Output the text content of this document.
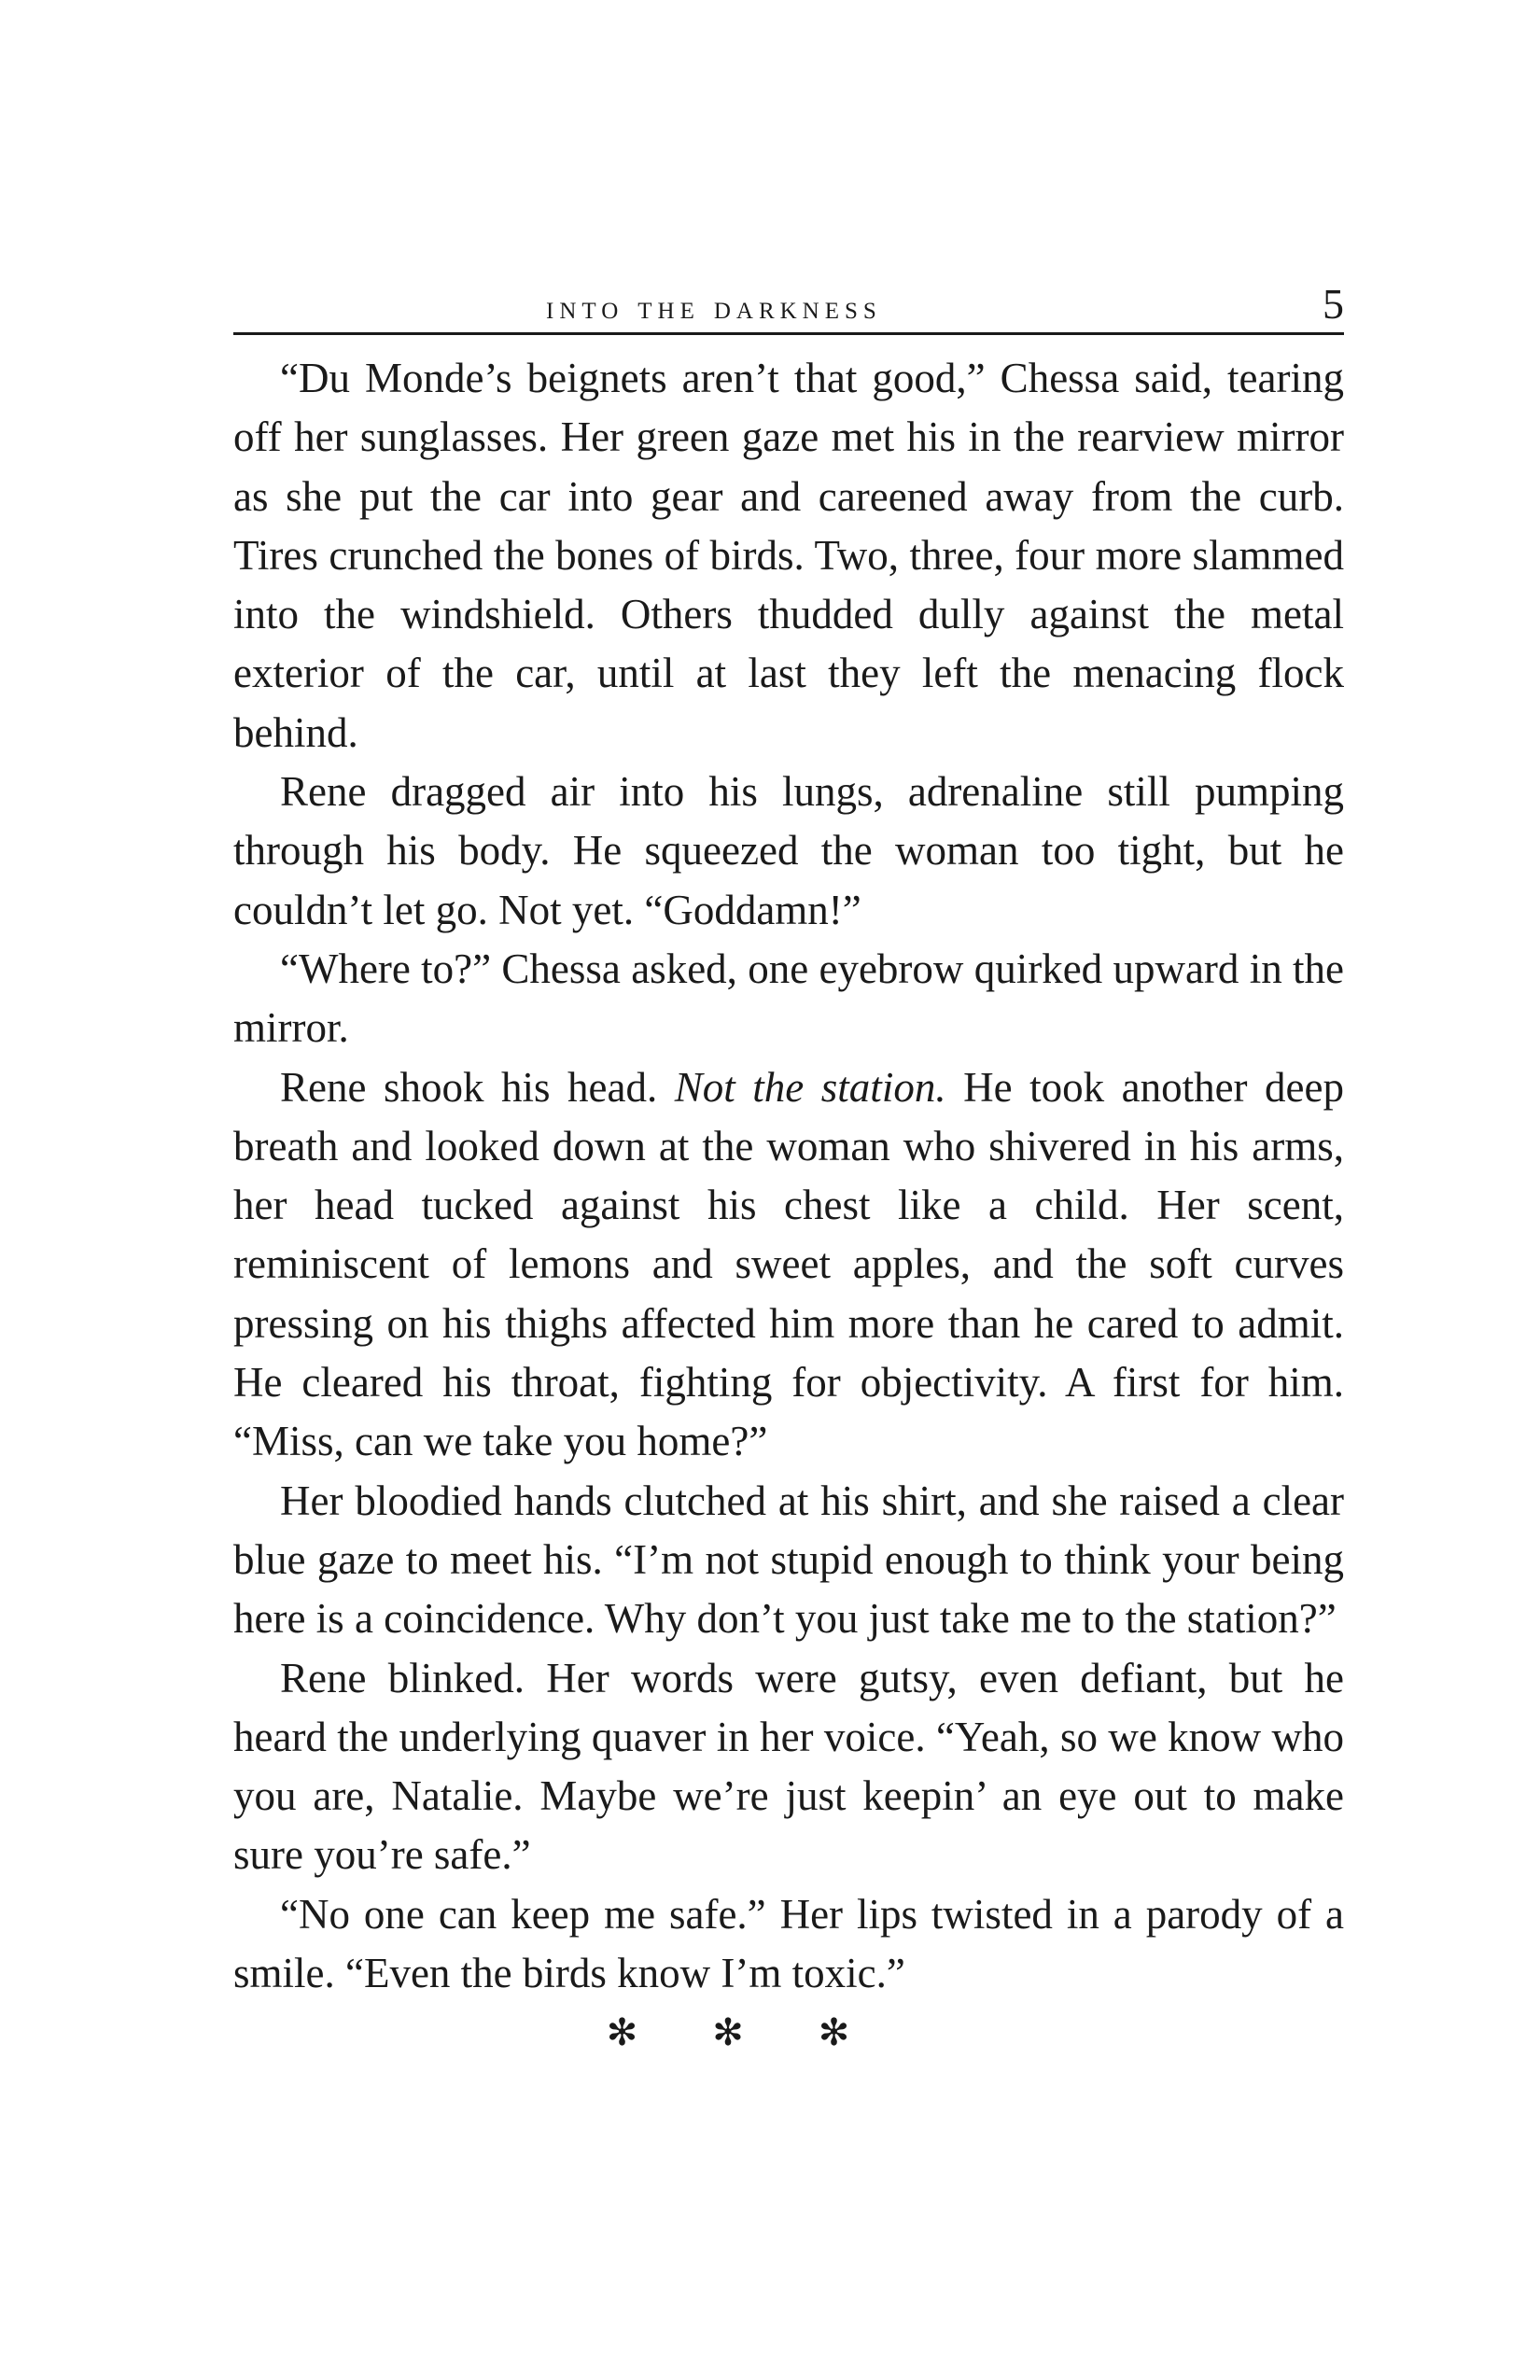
into the darkness	5

“Du Monde’s beignets aren’t that good,” Chessa said, tearing off her sunglasses. Her green gaze met his in the rearview mirror as she put the car into gear and careened away from the curb. Tires crunched the bones of birds. Two, three, four more slammed into the windshield. Others thudded dully against the metal exterior of the car, until at last they left the menacing flock behind.

Rene dragged air into his lungs, adrenaline still pumping through his body. He squeezed the woman too tight, but he couldn’t let go. Not yet. “Goddamn!”

“Where to?” Chessa asked, one eyebrow quirked upward in the mirror.

Rene shook his head. Not the station. He took another deep breath and looked down at the woman who shivered in his arms, her head tucked against his chest like a child. Her scent, reminiscent of lemons and sweet apples, and the soft curves pressing on his thighs affected him more than he cared to admit. He cleared his throat, fighting for objectivity. A first for him. “Miss, can we take you home?”

Her bloodied hands clutched at his shirt, and she raised a clear blue gaze to meet his. “I’m not stupid enough to think your being here is a coincidence. Why don’t you just take me to the station?”

Rene blinked. Her words were gutsy, even defiant, but he heard the underlying quaver in her voice. “Yeah, so we know who you are, Natalie. Maybe we’re just keepin’ an eye out to make sure you’re safe.”

“No one can keep me safe.” Her lips twisted in a parody of a smile. “Even the birds know I’m toxic.”

✻ ✻ ✻
